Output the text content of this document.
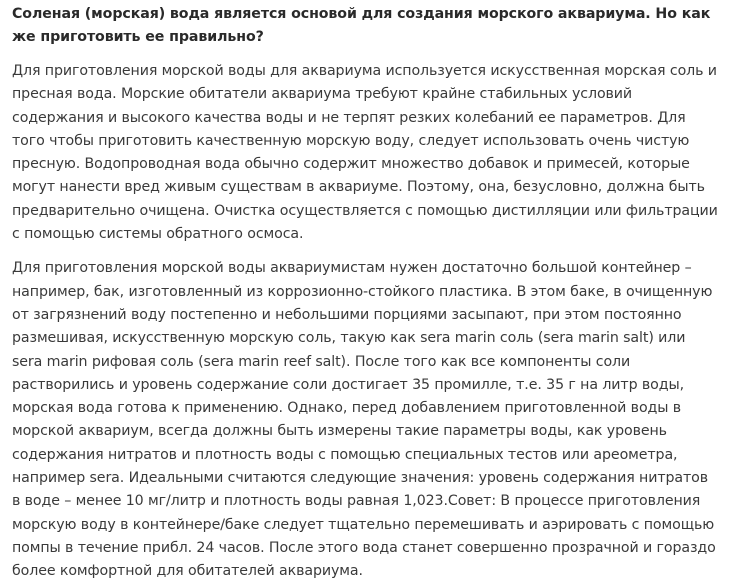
Соленая (морская) вода является основой для создания морского аквариума. Но как же приготовить ее правильно?

Для приготовления морской воды для аквариума используется искусственная морская соль и пресная вода. Морские обитатели аквариума требуют крайне стабильных условий содержания и высокого качества воды и не терпят резких колебаний ее параметров. Для того чтобы приготовить качественную морскую воду, следует использовать очень чистую пресную. Водопроводная вода обычно содержит множество добавок и примесей, которые могут нанести вред живым существам в аквариуме. Поэтому, она, безусловно, должна быть предварительно очищена. Очистка осуществляется с помощью дистилляции или фильтрации с помощью системы обратного осмоса.

Для приготовления морской воды аквариумистам нужен достаточно большой контейнер – например, бак, изготовленный из коррозионно-стойкого пластика. В этом баке, в очищенную от загрязнений воду постепенно и небольшими порциями засыпают, при этом постоянно размешивая, искусственную морскую соль, такую как sera marin соль (sera marin salt) или sera marin рифовая соль (sera marin reef salt). После того как все компоненты соли растворились и уровень содержание соли достигает 35 промилле, т.е. 35 г на литр воды, морская вода готова к применению. Однако, перед добавлением приготовленной воды в морской аквариум, всегда должны быть измерены такие параметры воды, как уровень содержания нитратов и плотность воды с помощью специальных тестов или ареометра, например sera. Идеальными считаются следующие значения: уровень содержания нитратов в воде – менее 10 мг/литр и плотность воды равная 1,023.Совет: В процессе приготовления морскую воду в контейнере/баке следует тщательно перемешивать и аэрировать с помощью помпы в течение прибл. 24 часов. После этого вода станет совершенно прозрачной и гораздо более комфортной для обитателей аквариума.
